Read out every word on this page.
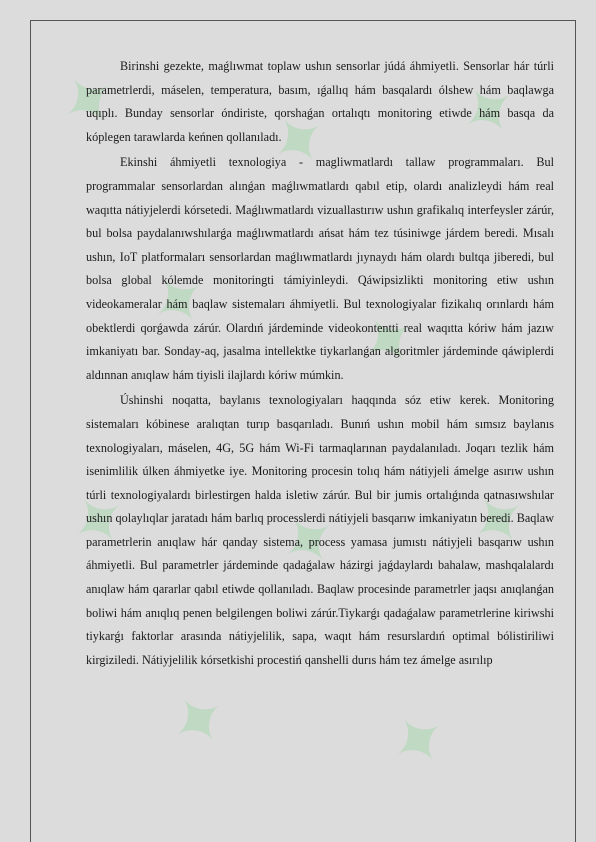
✦ ✦ ✦
✦ ✦
✦ ✦ ✦
✦ ✦

Birinshi gezekte, maǵlıwmat toplaw ushın sensorlar júdá áhmiyetli. Sensorlar hár túrli parametrlerdi, máselen, temperatura, basım, ıǵallıq hám basqalardı ólshew hám baqlawga uqıplı. Bunday sensorlar óndiriste, qorshaǵan ortalıqtı monitoring etiwde hám basqa da kóplegen tarawlarda keńnen qollanıladı.

Ekinshi áhmiyetli texnologiya - magliwmatlardı tallaw programmaları. Bul programmalar sensorlardan alınǵan maǵlıwmatlardı qabıl etip, olardı analizleydi hám real waqıtta nátiyjelerdi kórsetedi. Maǵlıwmatlardı vizuallastırıw ushın grafikalıq interfeysler zárúr, bul bolsa paydalanıwshılarǵa maǵlıwmatlardı ańsat hám tez túsiniwge járdem beredi. Mısalı ushın, IoT platformaları sensorlardan maǵlıwmatlardı jıynaydı hám olardı bultqa jiberedi, bul bolsa global kólemde monitoringti támiyinleydi. Qáwipsizlikti monitoring etiw ushın videokameralar hám baqlaw sistemaları áhmiyetli. Bul texnologiyalar fizikalıq orınlardı hám obektlerdi qorǵawda zárúr. Olardıń járdeminde videokontentti real waqıtta kóriw hám jazıw imkaniyatı bar. Sonday-aq, jasalma intellektke tiykarlanǵan algoritmler járdeminde qáwiplerdi aldınnan anıqlaw hám tiyisli ilajlardı kóriw múmkin.

Úshinshi noqatta, baylanıs texnologiyaları haqqında sóz etiw kerek. Monitoring sistemaları kóbinese aralıqtan turıp basqarıladı. Bunıń ushın mobil hám sımsız baylanıs texnologiyaları, máselen, 4G, 5G hám Wi-Fi tarmaqlarınan paydalanıladı. Joqarı tezlik hám isenimlilik úlken áhmiyetke iye. Monitoring procesin tolıq hám nátiyjeli ámelge asırıw ushın túrli texnologiyalardı birlestirgen halda isletiw zárúr. Bul bir jumis ortalıǵında qatnasıwshılar ushın qolaylıqlar jaratadı hám barlıq processlerdi nátiyjeli basqarıw imkaniyatın beredi. Baqlaw parametrlerin anıqlaw hár qanday sistema, process yamasa jumıstı nátiyjeli basqarıw ushın áhmiyetli. Bul parametrler járdeminde qadaǵalaw házirgi jaǵdaylardı bahalaw, mashqalalardı anıqlaw hám qararlar qabıl etiwde qollanıladı. Baqlaw procesinde parametrler jaqsı anıqlanǵan boliwi hám anıqlıq penen belgilengen boliwi zárúr.Tiykarǵı qadaǵalaw parametrlerine kiriwshi tiykarǵı faktorlar arasında nátiyjelilik, sapa, waqıt hám resurslardıń optimal bólistiriliwi kirgiziledi. Nátiyjelilik kórsetkishi procestiń qanshelli durıs hám tez ámelge asırılıp
